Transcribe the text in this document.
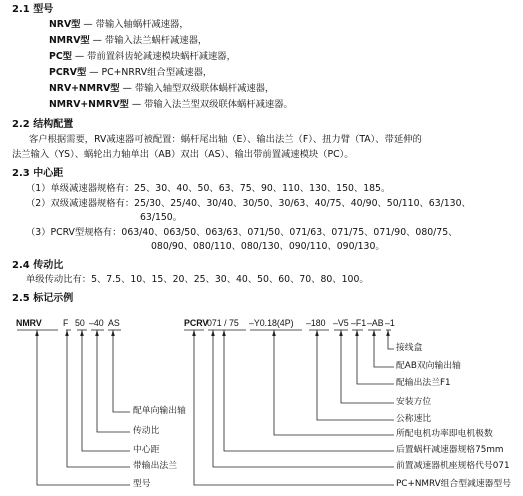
2.1 型号
NRV型 — 带输入轴蜗杆减速器，
NMRV型 — 带输入法兰蜗杆减速器，
PC型 — 带前置斜齿轮减速模块蜗杆减速器，
PCRV型 — PC+NRRV组合型减速器，
NRV+NMRV型 — 带输入轴型双级联体蜗杆减速器，
NMRV+NMRV型 — 带输入法兰型双级联体蜗杆减速器。
2.2 结构配置
客户根据需要，RV减速器可被配置：蜗杆尾出轴（E）、输出法兰（F）、扭力臂（TA）、带延伸的
法兰输入（YS）、蜗轮出力轴单出（AB）双出（AS）、输出带前置减速模块（PC）。
2.3 中心距
（1）单级减速器规格有：25、30、40、50、63、75、90、110、130、150、185。
（2）双级减速器规格有：25/30、25/40、30/40、30/50、30/63、40/75、40/90、50/110、63/130、
63/150。
（3）PCRV型规格有：063/40、063/50、063/63、071/50、071/63、071/75、071/90、080/75、
080/90、080/110、080/130、090/110、090/130。
2.4 传动比
单级传动比有：5、7.5、10、15、20、25、30、40、50、60、70、80、100。
2.5 标记示例
NMRV F 50 –40 AS	PCRV
071 / 75 –Y0.18(4P) –180 –V5 –F1 –AB –1
配单向输出轴
传动比
中心距
带输出法兰
型号
接线盒
配AB双向输出轴
配输出法兰F1
安装方位
公称速比
所配电机功率即电机极数
后置蜗杆减速器规格75mm
前置减速器机座规格代号071
PC+NMRV组合型减速器型号
